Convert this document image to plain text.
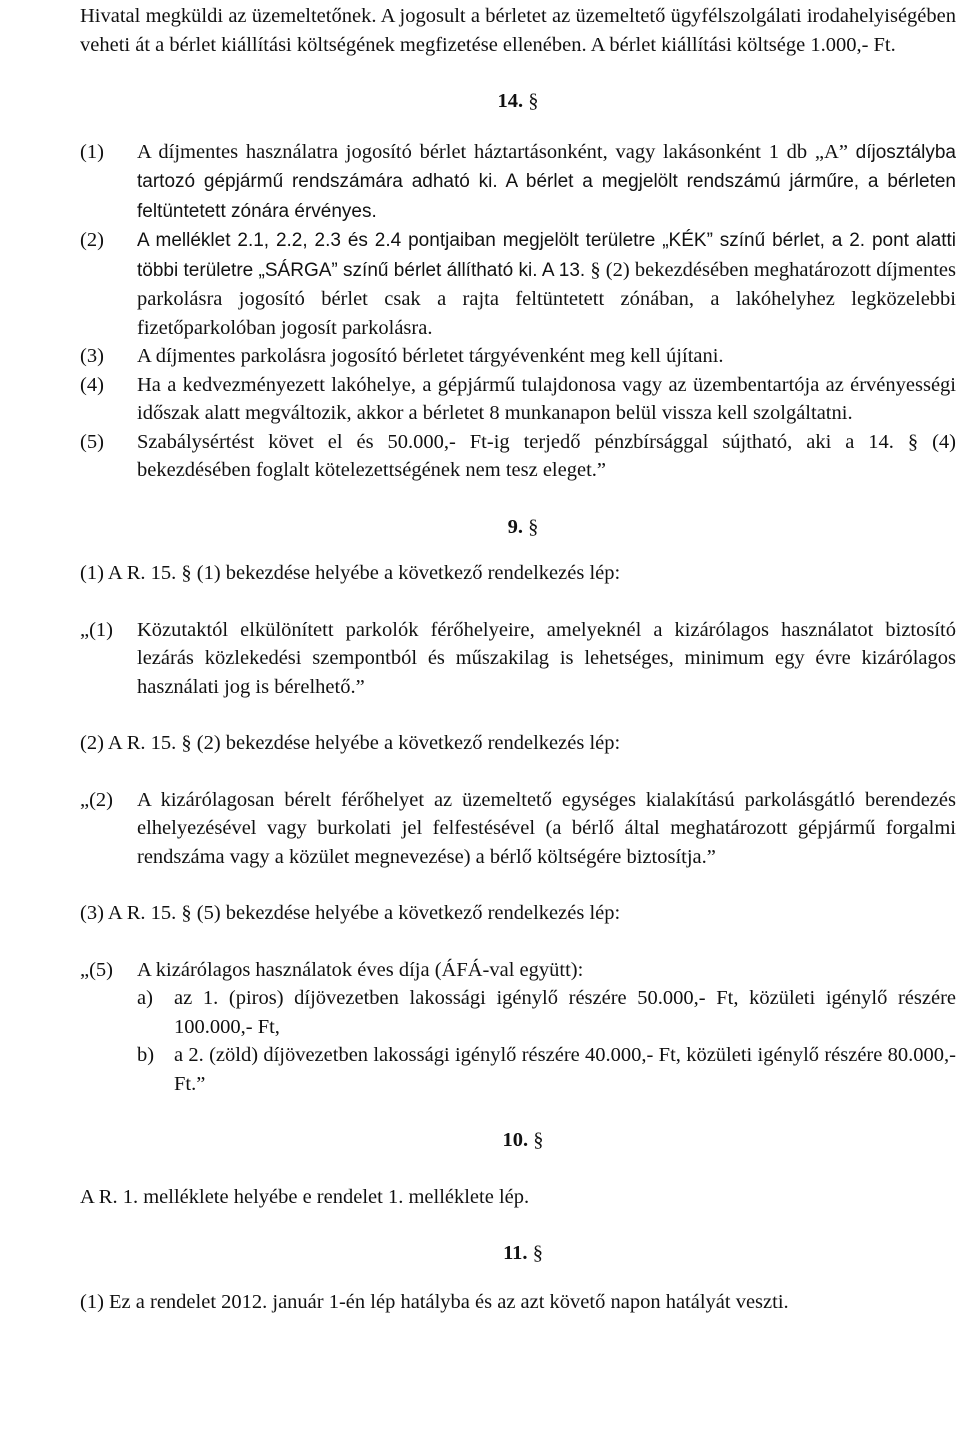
Hivatal megküldi az üzemeltetőnek. A jogosult a bérletet az üzemeltető ügyfélszolgálati irodahelyiségében veheti át a bérlet kiállítási költségének megfizetése ellenében. A bérlet kiállítási költsége 1.000,- Ft.
14. §
(1)	A díjmentes használatra jogosító bérlet háztartásonként, vagy lakásonként 1 db „A” díjosztályba tartozó gépjármű rendszámára adható ki. A bérlet a megjelölt rendszámú járműre, a bérleten feltüntetett zónára érvényes.
(2)	A melléklet 2.1, 2.2, 2.3 és 2.4 pontjaiban megjelölt területre „KÉK” színű bérlet, a 2. pont alatti többi területre „SÁRGA” színű bérlet állítható ki. A 13. § (2) bekezdésében meghatározott díjmentes parkolásra jogosító bérlet csak a rajta feltüntetett zónában, a lakóhelyhez legközelebbi fizetőparkolóban jogosít parkolásra.
(3)	A díjmentes parkolásra jogosító bérletet tárgyévenként meg kell újítani.
(4)	Ha a kedvezményezett lakóhelye, a gépjármű tulajdonosa vagy az üzembentartója az érvényességi időszak alatt megváltozik, akkor a bérletet 8 munkanapon belül vissza kell szolgáltatni.
(5)	Szabálysértést követ el és 50.000,- Ft-ig terjedő pénzbírsággal sújtható, aki a 14. § (4) bekezdésében foglalt kötelezettségének nem tesz eleget.”
9. §
(1) A R. 15. § (1) bekezdése helyébe a következő rendelkezés lép:
„(1)	Közutaktól elkülönített parkolók férőhelyeire, amelyeknél a kizárólagos használatot biztosító lezárás közlekedési szempontból és műszakilag is lehetséges, minimum egy évre kizárólagos használati jog is bérelhető.”
(2) A R. 15. § (2) bekezdése helyébe a következő rendelkezés lép:
„(2)	A kizárólagosan bérelt férőhelyet az üzemeltető egységes kialakítású parkolásgátló berendezés elhelyezésével vagy burkolati jel felfestésével (a bérlő által meghatározott gépjármű forgalmi rendszáma vagy a közület megnevezése) a bérlő költségére biztosítja.”
(3) A R. 15. § (5) bekezdése helyébe a következő rendelkezés lép:
„(5)	A kizárólagos használatok éves díja (ÁFÁ-val együtt):
a)	az 1. (piros) díjövezetben lakossági igénylő részére 50.000,- Ft, közületi igénylő részére 100.000,- Ft,
b) a 2. (zöld) díjövezetben lakossági igénylő részére 40.000,- Ft, közületi igénylő részére 80.000,- Ft.”
10. §
A R. 1. melléklete helyébe e rendelet 1. melléklete lép.
11. §
(1) Ez a rendelet 2012. január 1-én lép hatályba és az azt követő napon hatályát veszti.
